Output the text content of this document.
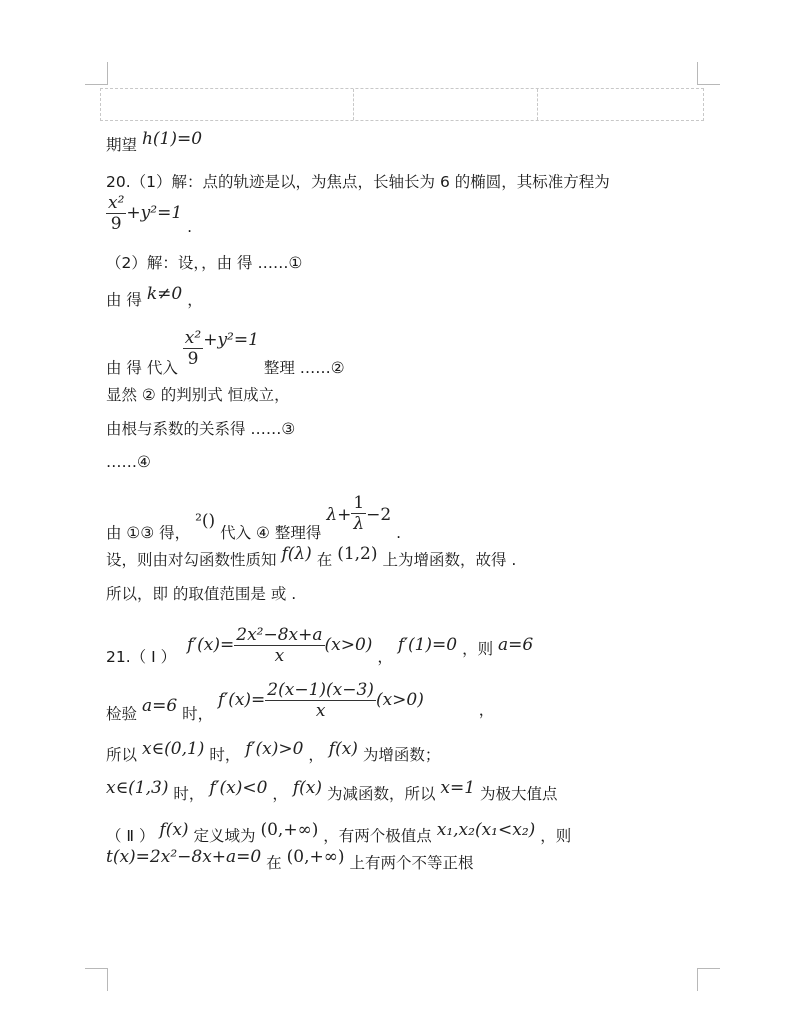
期望 h(1)=0
20.（1）解：点的轨迹是以，为焦点，长轴长为 6 的椭圆，其标准方程为
$\frac{\text{x²}}{9} +y^2=1$ .
（2）解：设，，由 得 ……①
由 得 k≠0 ，
由 得 代入 $\frac{\text{x²}}{9} +y^2=1$ 整理 ……②
显然 ② 的判别式 恒成立，
由根与系数的关系得 ……③
……④
由 ①③ 得， ²() 代入 ④ 整理得 $\lambda+ \frac{1}{\lambda} -2$ .
设，则由对勾函数性质知 f(λ) 在 (1,2) 上为增函数，故得 .
所以，即 的取值范围是 或 .
21.（ Ⅰ ） $f'(x)= \frac{\text{2x²−8x+a}}{x} (x>0)$ ， f′(1)=0 ，则 a=6
检验 a=6 时， $f'(x)= \frac{2(x-1)(x-3)}{x} (x>0)$	，
所以 x∈(0,1) 时， f′(x)>0 ， f(x) 为增函数；
x∈(1,3) 时， f′(x)<0 ， f(x) 为减函数，所以 x=1 为极大值点
（ Ⅱ ） f(x) 定义域为 (0,+∞) ，有两个极值点 x₁,x₂(x₁<x₂) ，则
t(x)=2x²−8x+a=0 在 (0,+∞) 上有两个不等正根
